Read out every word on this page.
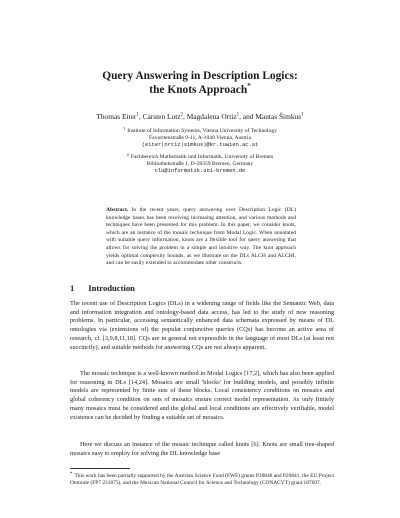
Query Answering in Description Logics:
the Knots Approach*
Thomas Eiter$^1$, Carsten Lutz$^2$, Magdalena Ortiz$^1$, and Mantas Šimkus$^1$
$^1$ Institute of Information Systems, Vienna University of Technology
Favoritenstraße 9-11, A-1040 Vienna, Austria
(eiter|ortiz|simkus)@kr.tuwien.ac.at
$^2$ Fachbereich Mathematik und Informatik, University of Bremen
Bibliothekstraße 1, D-28359 Bremen, Germany
clu@informatik.uni-bremen.de
Abstract. In the recent years, query answering over Description Logic (DL) knowledge bases has been receiving increasing attention, and various methods and techniques have been presented for this problem. In this paper, we consider knots, which are an instance of the mosaic technique from Modal Logic. When annotated with suitable query information, knots are a flexible tool for query answering that allows for solving the problem in a simple and intuitive way. The knot approach yields optimal complexity bounds, as we illustrate on the DLs ALCH and ALCHI, and can be easily extended to accommodate other constructs.
1 Introduction

The recent use of Description Logics (DLs) in a widening range of fields like the Semantic Web, data and information integration and ontology-based data access, has led to the study of new reasoning problems. In particular, accessing semantically enhanced data schemata expressed by means of DL ontologies via (extensions of) the popular conjunctive queries (CQs) has become an active area of research, cf. [3,9,8,11,18]. CQs are in general not expressible in the language of most DLs (at least not succinctly), and suitable methods for answering CQs are not always apparent.

The mosaic technique is a well-known method in Modal Logics [17,2], which has also been applied for reasoning in DLs [14,24]. Mosaics are small 'blocks' for building models, and possibly infinite models are represented by finite sets of these blocks. Local consistency conditions on mosaics and global coherency condition on sets of mosaics ensure correct model representation. As only finitely many mosaics must be considered and the global and local conditions are effectively verifiable, model existence can be decided by finding a suitable set of mosaics.

Here we discuss an instance of the mosaic technique called knots [6]. Knots are small tree-shaped mosaics easy to employ for solving the DL knowledge base

* This work has been partially supported by the Austrian Science Fund (FWF) grants P20840 and P20841, the EU Project Ontorule (FP7 231875), and the Mexican National Council for Science and Technology (CONACYT) grant 187697.
